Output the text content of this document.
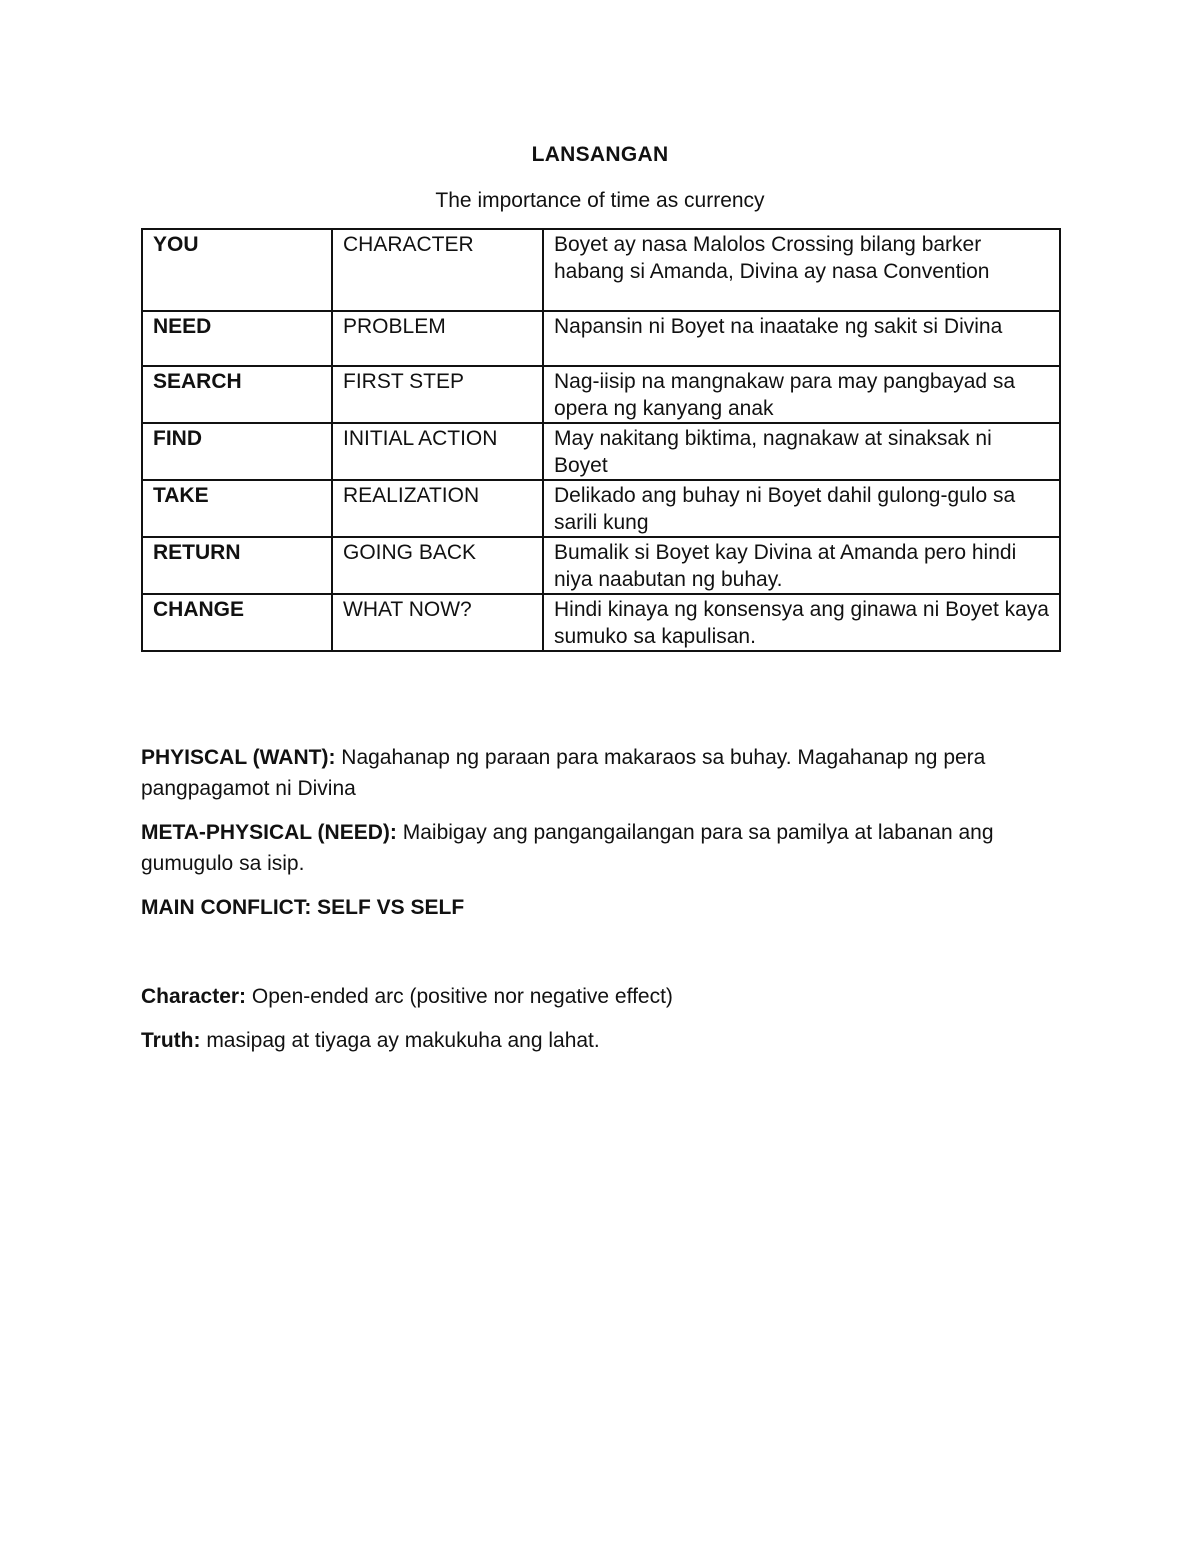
LANSANGAN

The importance of time as currency

YOU	CHARACTER	Boyet ay nasa Malolos Crossing bilang barker habang si Amanda, Divina ay nasa Convention
NEED	PROBLEM	Napansin ni Boyet na inaatake ng sakit si Divina
SEARCH	FIRST STEP	Nag-iisip na mangnakaw para may pangbayad sa opera ng kanyang anak
FIND	INITIAL ACTION	May nakitang biktima, nagnakaw at sinaksak ni Boyet
TAKE	REALIZATION	Delikado ang buhay ni Boyet dahil gulong-gulo sa sarili kung
RETURN	GOING BACK	Bumalik si Boyet kay Divina at Amanda pero hindi niya naabutan ng buhay.
CHANGE	WHAT NOW?	Hindi kinaya ng konsensya ang ginawa ni Boyet kaya sumuko sa kapulisan.

PHYISCAL (WANT): Nagahanap ng paraan para makaraos sa buhay. Magahanap ng pera pangpagamot ni Divina

META-PHYSICAL (NEED): Maibigay ang pangangailangan para sa pamilya at labanan ang gumugulo sa isip.

MAIN CONFLICT: SELF VS SELF

Character: Open-ended arc (positive nor negative effect)

Truth: masipag at tiyaga ay makukuha ang lahat.
